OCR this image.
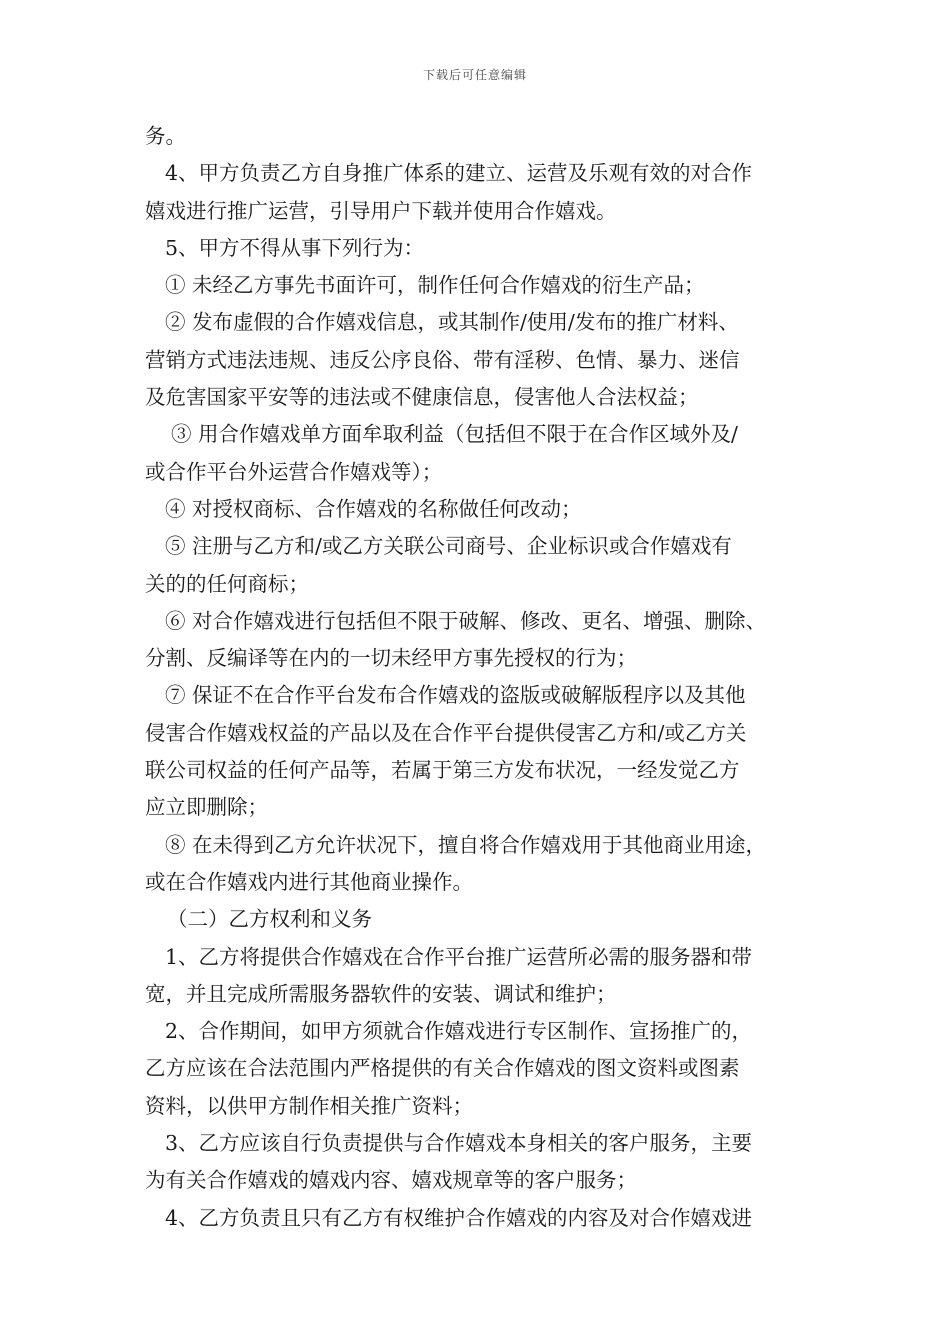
下载后可任意编辑
务。
4、甲方负责乙方自身推广体系的建立、运营及乐观有效的对合作
嬉戏进行推广运营，引导用户下载并使用合作嬉戏。
5、甲方不得从事下列行为：
① 未经乙方事先书面许可，制作任何合作嬉戏的衍生产品；
② 发布虚假的合作嬉戏信息，或其制作/使用/发布的推广材料、
营销方式违法违规、违反公序良俗、带有淫秽、色情、暴力、迷信
及危害国家平安等的违法或不健康信息，侵害他人合法权益；
③ 用合作嬉戏单方面牟取利益（包括但不限于在合作区域外及/
或合作平台外运营合作嬉戏等）；
④ 对授权商标、合作嬉戏的名称做任何改动；
⑤ 注册与乙方和/或乙方关联公司商号、企业标识或合作嬉戏有
关的的任何商标；
⑥ 对合作嬉戏进行包括但不限于破解、修改、更名、增强、删除、
分割、反编译等在内的一切未经甲方事先授权的行为；
⑦ 保证不在合作平台发布合作嬉戏的盗版或破解版程序以及其他
侵害合作嬉戏权益的产品以及在合作平台提供侵害乙方和/或乙方关
联公司权益的任何产品等，若属于第三方发布状况，一经发觉乙方
应立即删除；
⑧ 在未得到乙方允许状况下，擅自将合作嬉戏用于其他商业用途，
或在合作嬉戏内进行其他商业操作。
（二）乙方权利和义务
1、乙方将提供合作嬉戏在合作平台推广运营所必需的服务器和带
宽，并且完成所需服务器软件的安装、调试和维护；
2、合作期间，如甲方须就合作嬉戏进行专区制作、宣扬推广的，
乙方应该在合法范围内严格提供的有关合作嬉戏的图文资料或图素
资料，以供甲方制作相关推广资料；
3、乙方应该自行负责提供与合作嬉戏本身相关的客户服务，主要
为有关合作嬉戏的嬉戏内容、嬉戏规章等的客户服务；
4、乙方负责且只有乙方有权维护合作嬉戏的内容及对合作嬉戏进
